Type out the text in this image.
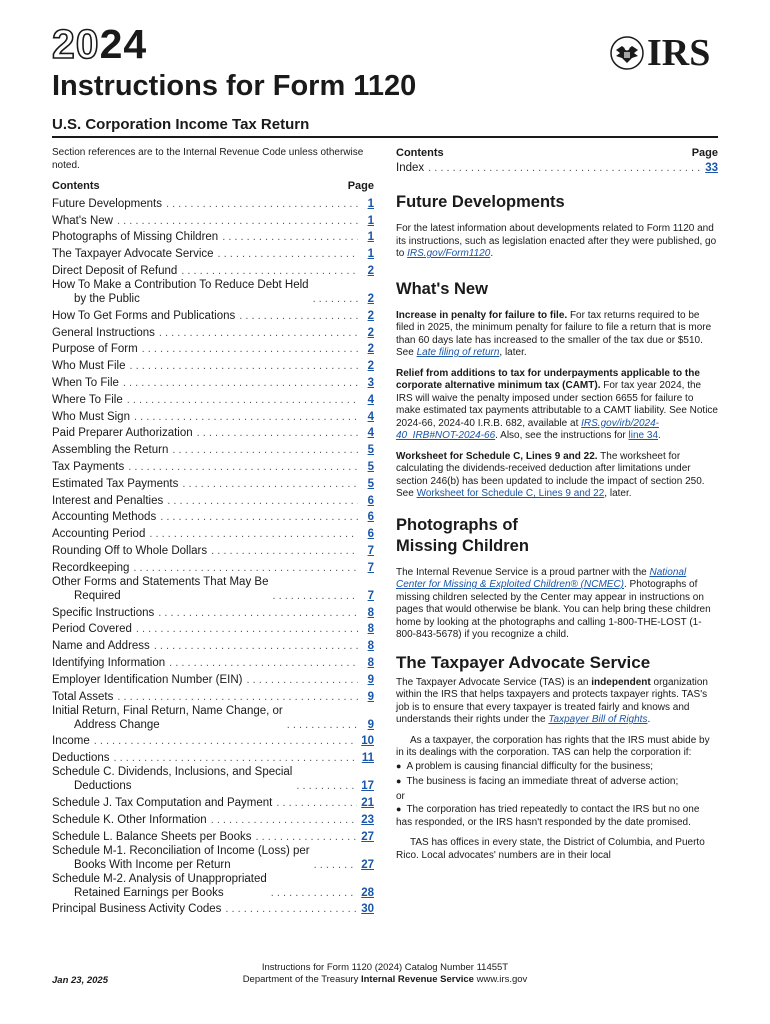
2024	IRS
Instructions for Form 1120
U.S. Corporation Income Tax Return

Section references are to the Internal Revenue Code unless otherwise noted.

Contents	Page
Future Developments . . .	1
What's New . . .	1
Photographs of Missing Children . . .	1
The Taxpayer Advocate Service . . .	1
Direct Deposit of Refund . . .	2
How To Make a Contribution To Reduce Debt Held
by the Public . . .	2
How To Get Forms and Publications . . .	2
General Instructions . . .	2
Purpose of Form . . .	2
Who Must File . . .	2
When To File . . .	3
Where To File . . .	4
Who Must Sign . . .	4
Paid Preparer Authorization . . .	4
Assembling the Return . . .	5
Tax Payments . . .	5
Estimated Tax Payments . . .	5
Interest and Penalties . . .	6
Accounting Methods . . .	6
Accounting Period . . .	6
Rounding Off to Whole Dollars . . .	7
Recordkeeping . . .	7
Other Forms and Statements That May Be
Required . . .	7
Specific Instructions . . .	8
Period Covered . . .	8
Name and Address . . .	8
Identifying Information . . .	8
Employer Identification Number (EIN) . . .	9
Total Assets . . .	9
Initial Return, Final Return, Name Change, or
Address Change . . .	9
Income . . .	10
Deductions . . .	11
Schedule C. Dividends, Inclusions, and Special
Deductions . . .	17
Schedule J. Tax Computation and Payment . . .	21
Schedule K. Other Information . . .	23
Schedule L. Balance Sheets per Books . . .	27
Schedule M-1. Reconciliation of Income (Loss) per
Books With Income per Return . . .	27
Schedule M-2. Analysis of Unappropriated
Retained Earnings per Books . . .	28
Principal Business Activity Codes . . .	30
Contents	Page
Index . . .	33
Future Developments

For the latest information about developments related to Form 1120 and its instructions, such as legislation enacted after they were published, go to IRS.gov/Form1120.

What's New

Increase in penalty for failure to file. For tax returns required to be filed in 2025, the minimum penalty for failure to file a return that is more than 60 days late has increased to the smaller of the tax due or $510. See Late filing of return, later.

Relief from additions to tax for underpayments applicable to the corporate alternative minimum tax (CAMT). For tax year 2024, the IRS will waive the penalty imposed under section 6655 for failure to make estimated tax payments attributable to a CAMT liability. See Notice 2024-66, 2024-40 I.R.B. 682, available at IRS.gov/irb/2024-40_IRB#NOT-2024-66. Also, see the instructions for line 34.

Worksheet for Schedule C, Lines 9 and 22. The worksheet for calculating the dividends-received deduction after limitations under section 246(b) has been updated to include the impact of section 250. See Worksheet for Schedule C, Lines 9 and 22, later.

Photographs of
Missing Children

The Internal Revenue Service is a proud partner with the National Center for Missing & Exploited Children® (NCMEC). Photographs of missing children selected by the Center may appear in instructions on pages that would otherwise be blank. You can help bring these children home by looking at the photographs and calling 1-800-THE-LOST (1-800-843-5678) if you recognize a child.

The Taxpayer Advocate Service

The Taxpayer Advocate Service (TAS) is an independent organization within the IRS that helps taxpayers and protects taxpayer rights. TAS's job is to ensure that every taxpayer is treated fairly and knows and understands their rights under the Taxpayer Bill of Rights.

As a taxpayer, the corporation has rights that the IRS must abide by in its dealings with the corporation. TAS can help the corporation if:

● A problem is causing financial difficulty for the business;
● The business is facing an immediate threat of adverse action;
or
● The corporation has tried repeatedly to contact the IRS but no one has responded, or the IRS hasn't responded by the date promised.

TAS has offices in every state, the District of Columbia, and Puerto Rico. Local advocates' numbers are in their local

Jan 23, 2025
Instructions for Form 1120 (2024) Catalog Number 11455T
Department of the Treasury Internal Revenue Service www.irs.gov
